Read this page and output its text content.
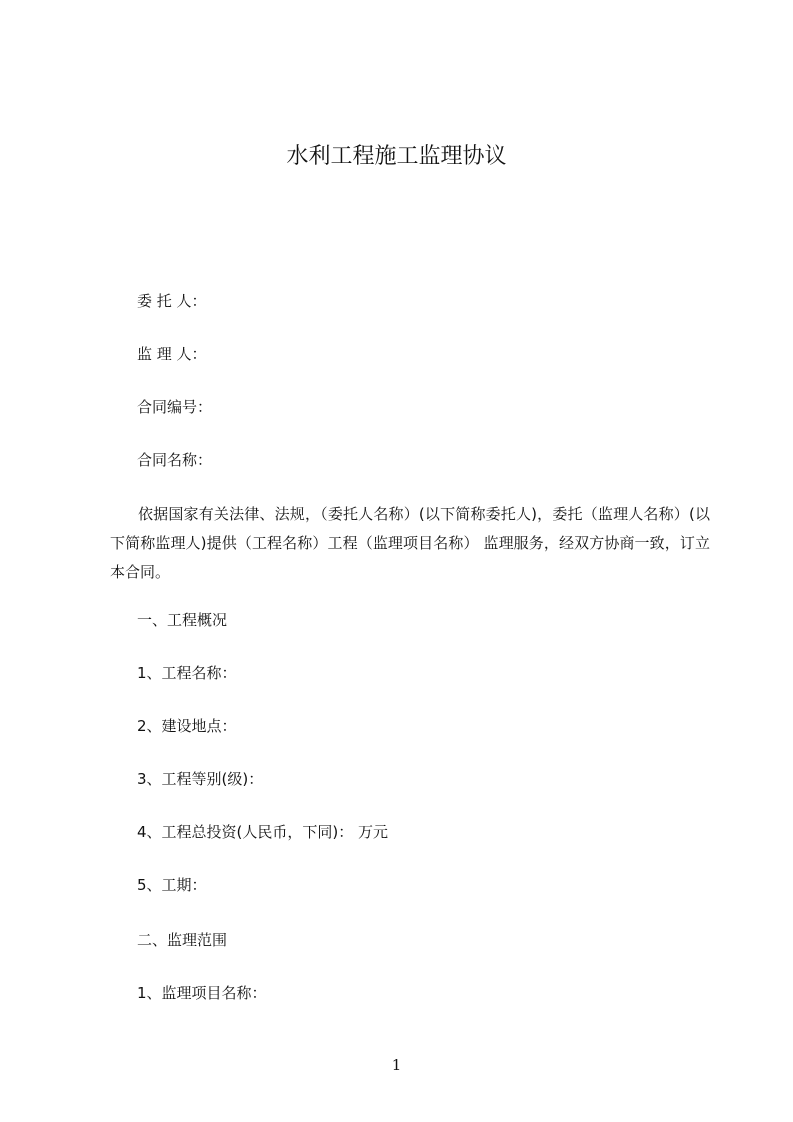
水利工程施工监理协议
委 托 人：
监 理 人：
合同编号：
合同名称：
依据国家有关法律、法规，（委托人名称）(以下简称委托人)，委托（监理人名称）(以下简称监理人)提供（工程名称）工程（监理项目名称） 监理服务，经双方协商一致，订立本合同。
一、工程概况
1、工程名称：
2、建设地点：
3、工程等别(级)：
4、工程总投资(人民币，下同)： 万元
5、工期：
二、监理范围
1、监理项目名称：
1
